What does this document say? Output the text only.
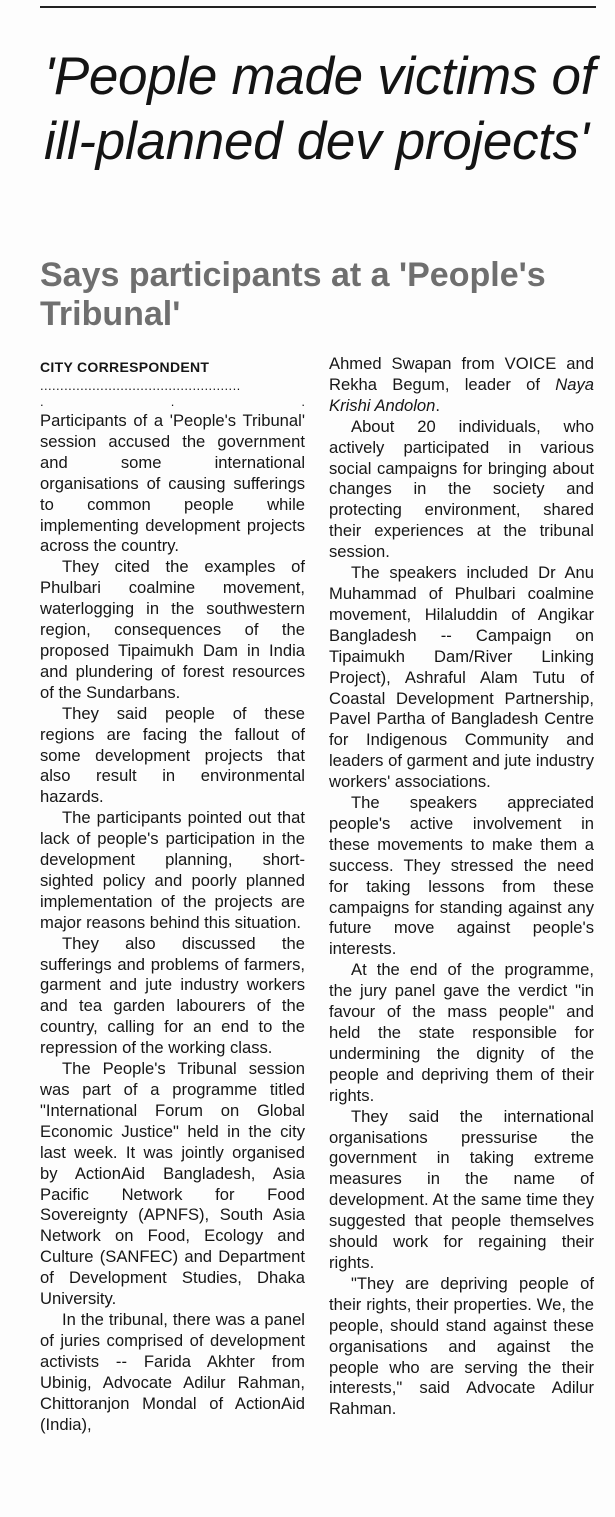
'People made victims of ill-planned dev projects'
Says participants at a 'People's Tribunal'
CITY CORRESPONDENT
..................................................
.	.	.

Participants of a 'People's Tribunal' session accused the government and some international organisations of causing sufferings to common people while implementing development projects across the country.

They cited the examples of Phulbari coalmine movement, waterlogging in the southwestern region, consequences of the proposed Tipaimukh Dam in India and plundering of forest resources of the Sundarbans.

They said people of these regions are facing the fallout of some development projects that also result in environmental hazards.

The participants pointed out that lack of people's participation in the development planning, short-sighted policy and poorly planned implementation of the projects are major reasons behind this situation.

They also discussed the sufferings and problems of farmers, garment and jute industry workers and tea garden labourers of the country, calling for an end to the repression of the working class.

The People's Tribunal session was part of a programme titled "International Forum on Global Economic Justice" held in the city last week. It was jointly organised by ActionAid Bangladesh, Asia Pacific Network for Food Sovereignty (APNFS), South Asia Network on Food, Ecology and Culture (SANFEC) and Department of Development Studies, Dhaka University.

In the tribunal, there was a panel of juries comprised of development activists -- Farida Akhter from Ubinig, Advocate Adilur Rahman, Chittoranjon Mondal of ActionAid (India),

Ahmed Swapan from VOICE and Rekha Begum, leader of Naya Krishi Andolon.

About 20 individuals, who actively participated in various social campaigns for bringing about changes in the society and protecting environment, shared their experiences at the tribunal session.

The speakers included Dr Anu Muhammad of Phulbari coalmine movement, Hilaluddin of Angikar Bangladesh -- Campaign on Tipaimukh Dam/River Linking Project), Ashraful Alam Tutu of Coastal Development Partnership, Pavel Partha of Bangladesh Centre for Indigenous Community and leaders of garment and jute industry workers' associations.

The speakers appreciated people's active involvement in these movements to make them a success. They stressed the need for taking lessons from these campaigns for standing against any future move against people's interests.

At the end of the programme, the jury panel gave the verdict "in favour of the mass people" and held the state responsible for undermining the dignity of the people and depriving them of their rights.

They said the international organisations pressurise the government in taking extreme measures in the name of development. At the same time they suggested that people themselves should work for regaining their rights.

"They are depriving people of their rights, their properties. We, the people, should stand against these organisations and against the people who are serving the their interests," said Advocate Adilur Rahman.
